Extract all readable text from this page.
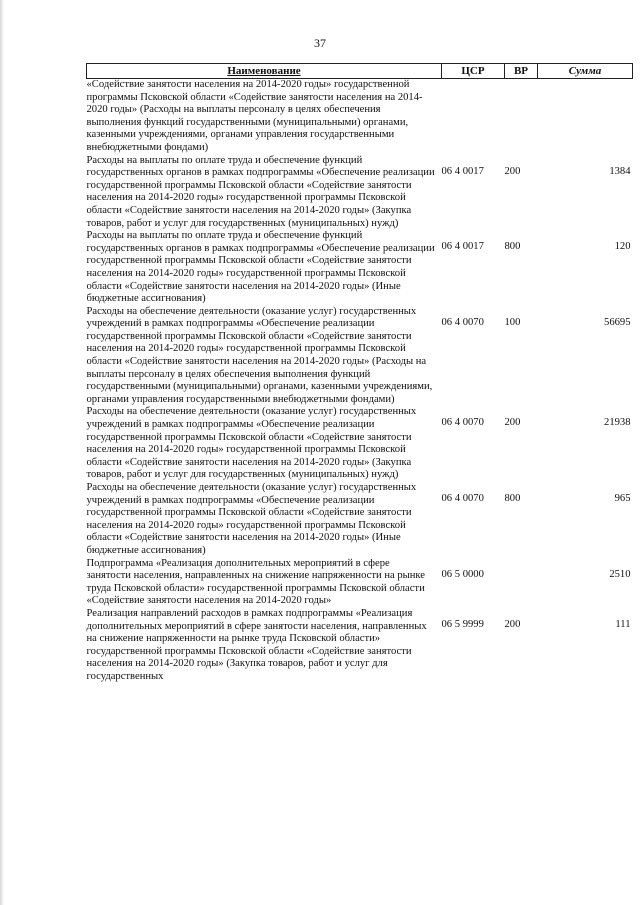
37
Наименование	ЦСР	ВР	Сумма
«Содействие занятости населения на 2014-2020 годы» государственной программы Псковской области «Содействие занятости населения на 2014-2020 годы» (Расходы на выплаты персоналу в целях обеспечения выполнения функций государственными (муниципальными) органами, казенными учреждениями, органами управления государственными внебюджетными фондами)			
Расходы на выплаты по оплате труда и обеспечение функций государственных органов в рамках подпрограммы «Обеспечение реализации государственной программы Псковской области «Содействие занятости населения на 2014-2020 годы» государственной программы Псковской области «Содействие занятости населения на 2014-2020 годы» (Закупка товаров, работ и услуг для государственных (муниципальных) нужд)	06 4 0017	200	1384
Расходы на выплаты по оплате труда и обеспечение функций государственных органов в рамках подпрограммы «Обеспечение реализации государственной программы Псковской области «Содействие занятости населения на 2014-2020 годы» государственной программы Псковской области «Содействие занятости населения на 2014-2020 годы» (Иные бюджетные ассигнования)	06 4 0017	800	120
Расходы на обеспечение деятельности (оказание услуг) государственных учреждений в рамках подпрограммы «Обеспечение реализации государственной программы Псковской области «Содействие занятости населения на 2014-2020 годы» государственной программы Псковской области «Содействие занятости населения на 2014-2020 годы» (Расходы на выплаты персоналу в целях обеспечения выполнения функций государственными (муниципальными) органами, казенными учреждениями, органами управления государственными внебюджетными фондами)	06 4 0070	100	56695
Расходы на обеспечение деятельности (оказание услуг) государственных учреждений в рамках подпрограммы «Обеспечение реализации государственной программы Псковской области «Содействие занятости населения на 2014-2020 годы» государственной программы Псковской области «Содействие занятости населения на 2014-2020 годы» (Закупка товаров, работ и услуг для государственных (муниципальных) нужд)	06 4 0070	200	21938
Расходы на обеспечение деятельности (оказание услуг) государственных учреждений в рамках подпрограммы «Обеспечение реализации государственной программы Псковской области «Содействие занятости населения на 2014-2020 годы» государственной программы Псковской области «Содействие занятости населения на 2014-2020 годы» (Иные бюджетные ассигнования)	06 4 0070	800	965
Подпрограмма «Реализация дополнительных мероприятий в сфере занятости населения, направленных на снижение напряженности на рынке труда Псковской области» государственной программы Псковской области «Содействие занятости населения на 2014-2020 годы»	06 5 0000		2510
Реализация направлений расходов в рамках подпрограммы «Реализация дополнительных мероприятий в сфере занятости населения, направленных на снижение напряженности на рынке труда Псковской области» государственной программы Псковской области «Содействие занятости населения на 2014-2020 годы» (Закупка товаров, работ и услуг для государственных	06 5 9999	200	111
